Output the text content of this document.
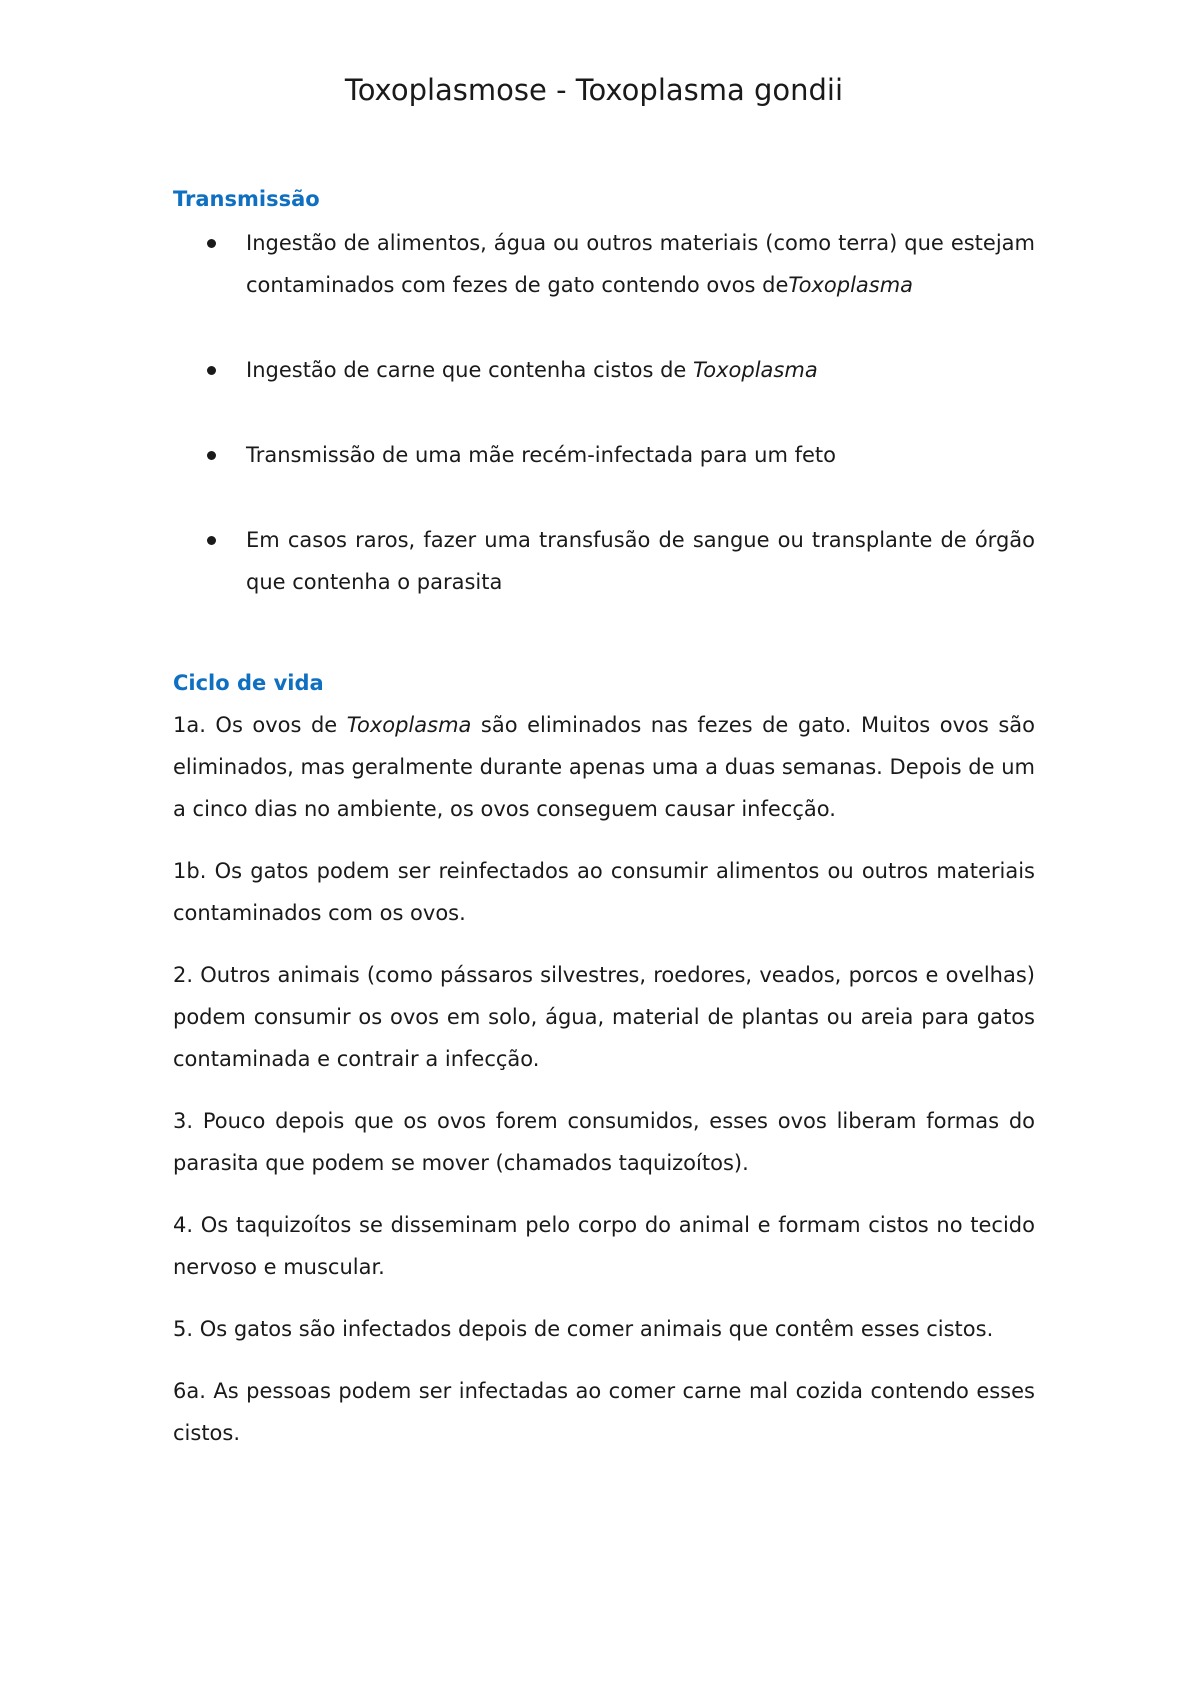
Toxoplasmose - Toxoplasma gondii
Transmissão
Ingestão de alimentos, água ou outros materiais (como terra) que estejam contaminados com fezes de gato contendo ovos deToxoplasma
Ingestão de carne que contenha cistos de Toxoplasma
Transmissão de uma mãe recém-infectada para um feto
Em casos raros, fazer uma transfusão de sangue ou transplante de órgão que contenha o parasita
Ciclo de vida

1a. Os ovos de Toxoplasma são eliminados nas fezes de gato. Muitos ovos são eliminados, mas geralmente durante apenas uma a duas semanas. Depois de um a cinco dias no ambiente, os ovos conseguem causar infecção.

1b. Os gatos podem ser reinfectados ao consumir alimentos ou outros materiais contaminados com os ovos.

2. Outros animais (como pássaros silvestres, roedores, veados, porcos e ovelhas) podem consumir os ovos em solo, água, material de plantas ou areia para gatos contaminada e contrair a infecção.

3. Pouco depois que os ovos forem consumidos, esses ovos liberam formas do parasita que podem se mover (chamados taquizoítos).

4. Os taquizoítos se disseminam pelo corpo do animal e formam cistos no tecido nervoso e muscular.

5. Os gatos são infectados depois de comer animais que contêm esses cistos.

6a. As pessoas podem ser infectadas ao comer carne mal cozida contendo esses cistos.
